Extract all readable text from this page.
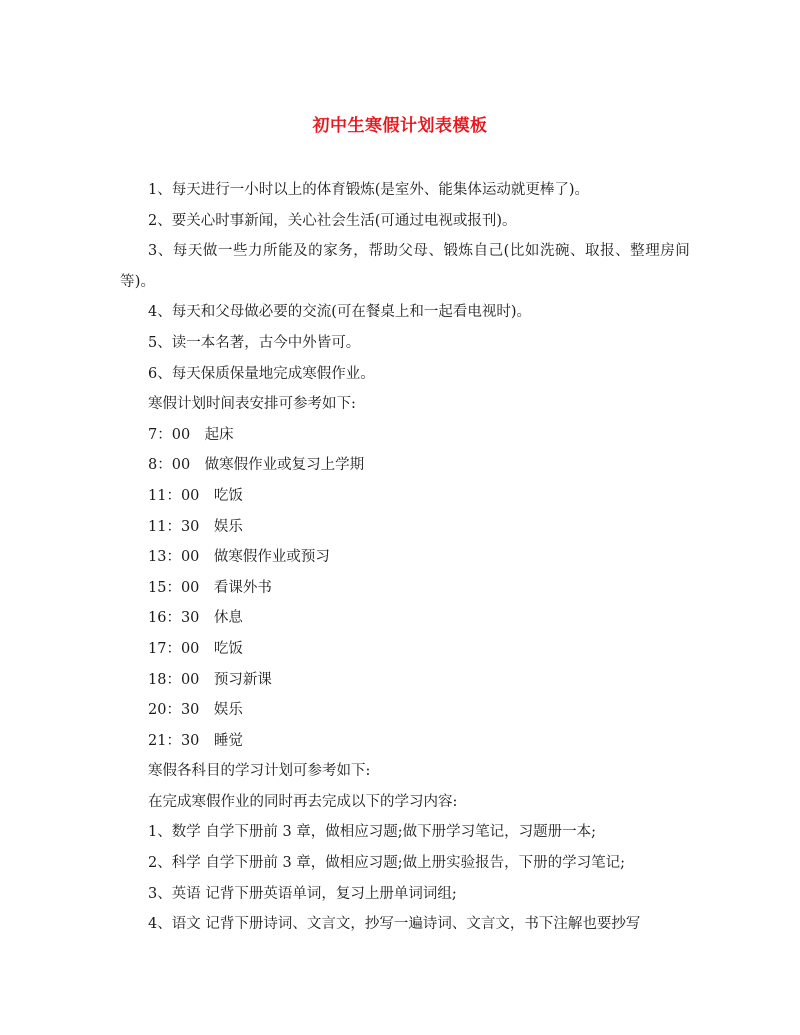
初中生寒假计划表模板

1、每天进行一小时以上的体育锻炼(是室外、能集体运动就更棒了)。

2、要关心时事新闻，关心社会生活(可通过电视或报刊)。

3、每天做一些力所能及的家务，帮助父母、锻炼自己(比如洗碗、取报、整理房间等)。

4、每天和父母做必要的交流(可在餐桌上和一起看电视时)。

5、读一本名著，古今中外皆可。

6、每天保质保量地完成寒假作业。

寒假计划时间表安排可参考如下:

7：00　起床

8：00　做寒假作业或复习上学期

11：00　吃饭

11：30　娱乐

13：00　做寒假作业或预习

15：00　看课外书

16：30　休息

17：00　吃饭

18：00　预习新课

20：30　娱乐

21：30　睡觉

寒假各科目的学习计划可参考如下:

在完成寒假作业的同时再去完成以下的学习内容:

1、数学 自学下册前 3 章，做相应习题;做下册学习笔记，习题册一本;

2、科学 自学下册前 3 章，做相应习题;做上册实验报告，下册的学习笔记;

3、英语 记背下册英语单词，复习上册单词词组;

4、语文 记背下册诗词、文言文，抄写一遍诗词、文言文，书下注解也要抄写
